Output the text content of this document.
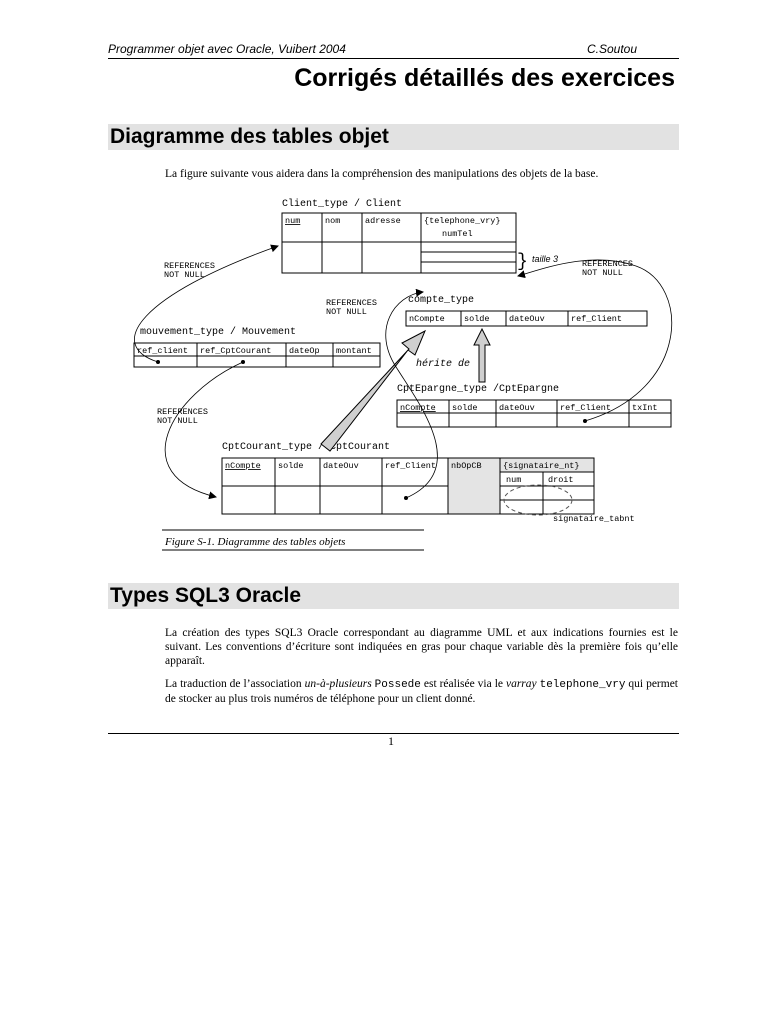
Programmer objet avec Oracle, Vuibert 2004	C.Soutou
Corrigés détaillés des exercices
Diagramme des tables objet
La figure suivante vous aidera dans la compréhension des manipulations des objets de la base.
Client_type / Client
num	nom	adresse	{telephone_vry}
numTel
} taille 3
REFERENCES
NOT NULL
REFERENCES
NOT NULL
REFERENCES
NOT NULL
REFERENCES
NOT NULL
compte_type
nCompte solde dateOuv	ref_Client
mouvement_type / Mouvement
ref_client ref_CptCourant dateOp montant
hérite de
CptEpargne_type /CptEpargne
nCompte solde	dateOuv	ref_Client txInt
CptCourant_type / CptCourant
nCompte solde dateOuv	ref_Client nbOpCB	{signataire_nt}
num	droit
signataire_tabnt
Figure S-1. Diagramme des tables objets
Types SQL3 Oracle
La création des types SQL3 Oracle correspondant au diagramme UML et aux indications fournies est le suivant. Les conventions d’écriture sont indiquées en gras pour chaque variable dès la première fois qu’elle apparaît.
La traduction de l’association un-à-plusieurs Possede est réalisée via le varray telephone_vry qui permet de stocker au plus trois numéros de téléphone pour un client donné.
1
